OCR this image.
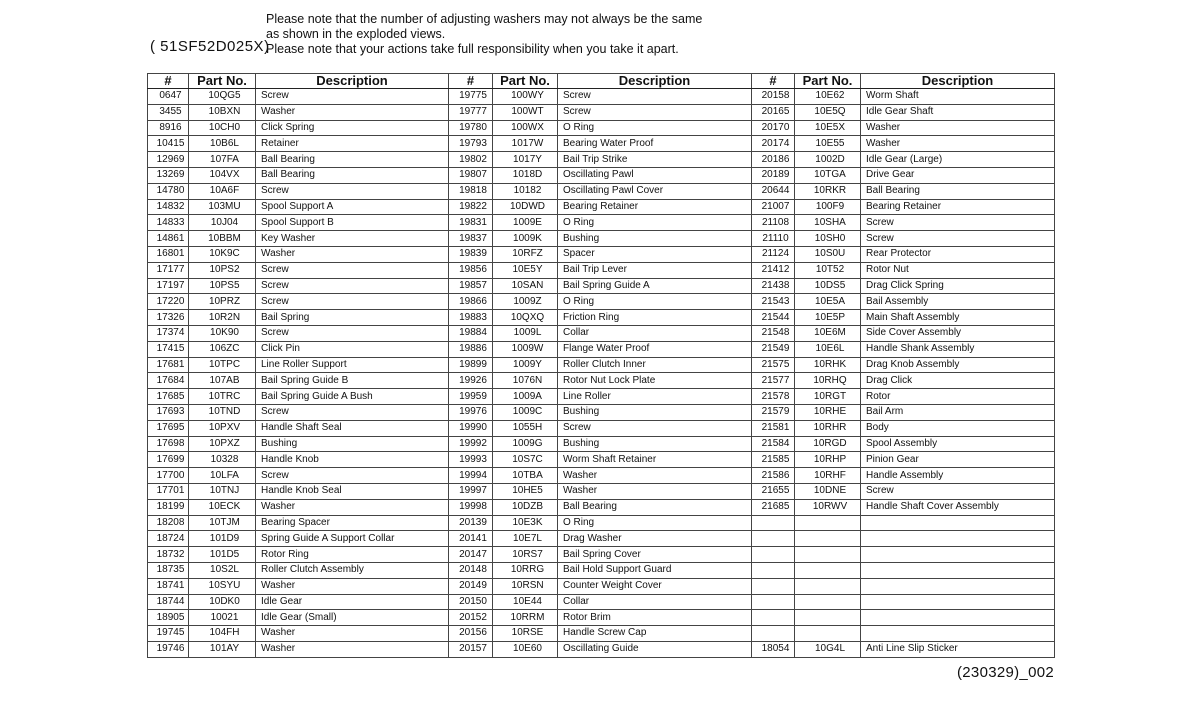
( 51SF52D025X)
Please note that the number of adjusting washers may not always be the same
as shown in the exploded views.
Please note that your actions take full responsibility when you take it apart.
#	Part No.	Description	#	Part No.	Description	#	Part No.	Description
0647	10QG5	Screw	19775	100WY	Screw	20158	10E62	Worm Shaft
3455	10BXN	Washer	19777	100WT	Screw	20165	10E5Q	Idle Gear Shaft
8916	10CH0	Click Spring	19780	100WX	O Ring	20170	10E5X	Washer
10415	10B6L	Retainer	19793	1017W	Bearing Water Proof	20174	10E55	Washer
12969	107FA	Ball Bearing	19802	1017Y	Bail Trip Strike	20186	1002D	Idle Gear (Large)
13269	104VX	Ball Bearing	19807	1018D	Oscillating Pawl	20189	10TGA	Drive Gear
14780	10A6F	Screw	19818	10182	Oscillating Pawl Cover	20644	10RKR	Ball Bearing
14832	103MU	Spool Support A	19822	10DWD	Bearing Retainer	21007	100F9	Bearing Retainer
14833	10J04	Spool Support B	19831	1009E	O Ring	21108	10SHA	Screw
14861	10BBM	Key Washer	19837	1009K	Bushing	21110	10SH0	Screw
16801	10K9C	Washer	19839	10RFZ	Spacer	21124	10S0U	Rear Protector
17177	10PS2	Screw	19856	10E5Y	Bail Trip Lever	21412	10T52	Rotor Nut
17197	10PS5	Screw	19857	10SAN	Bail Spring Guide A	21438	10DS5	Drag Click Spring
17220	10PRZ	Screw	19866	1009Z	O Ring	21543	10E5A	Bail Assembly
17326	10R2N	Bail Spring	19883	10QXQ	Friction Ring	21544	10E5P	Main Shaft Assembly
17374	10K90	Screw	19884	1009L	Collar	21548	10E6M	Side Cover Assembly
17415	106ZC	Click Pin	19886	1009W	Flange Water Proof	21549	10E6L	Handle Shank Assembly
17681	10TPC	Line Roller Support	19899	1009Y	Roller Clutch Inner	21575	10RHK	Drag Knob Assembly
17684	107AB	Bail Spring Guide B	19926	1076N	Rotor Nut Lock Plate	21577	10RHQ	Drag Click
17685	10TRC	Bail Spring Guide A Bush	19959	1009A	Line Roller	21578	10RGT	Rotor
17693	10TND	Screw	19976	1009C	Bushing	21579	10RHE	Bail Arm
17695	10PXV	Handle Shaft Seal	19990	1055H	Screw	21581	10RHR	Body
17698	10PXZ	Bushing	19992	1009G	Bushing	21584	10RGD	Spool Assembly
17699	10328	Handle Knob	19993	10S7C	Worm Shaft Retainer	21585	10RHP	Pinion Gear
17700	10LFA	Screw	19994	10TBA	Washer	21586	10RHF	Handle Assembly
17701	10TNJ	Handle Knob Seal	19997	10HE5	Washer	21655	10DNE	Screw
18199	10ECK	Washer	19998	10DZB	Ball Bearing	21685	10RWV	Handle Shaft Cover Assembly
18208	10TJM	Bearing Spacer	20139	10E3K	O Ring			
18724	101D9	Spring Guide A Support Collar	20141	10E7L	Drag Washer			
18732	101D5	Rotor Ring	20147	10RS7	Bail Spring Cover			
18735	10S2L	Roller Clutch Assembly	20148	10RRG	Bail Hold Support Guard			
18741	10SYU	Washer	20149	10RSN	Counter Weight Cover			
18744	10DK0	Idle Gear	20150	10E44	Collar			
18905	10021	Idle Gear (Small)	20152	10RRM	Rotor Brim			
19745	104FH	Washer	20156	10RSE	Handle Screw Cap			
19746	101AY	Washer	20157	10E60	Oscillating Guide	18054	10G4L	Anti Line Slip Sticker
(230329)_002
